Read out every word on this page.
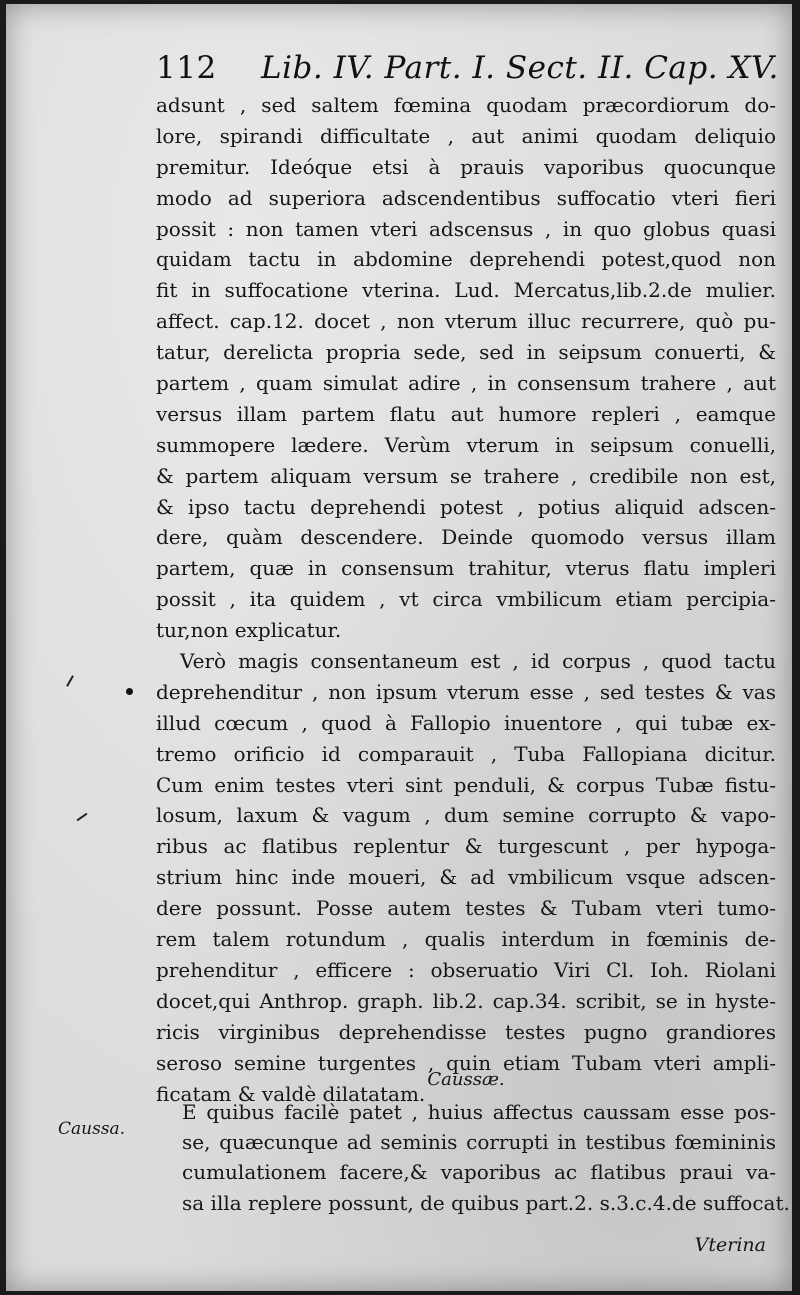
112 Lib. IV. Part. I. Sect. II. Cap. XV.
adsunt , sed saltem fœmina quodam præcordiorum do-
lore, spirandi difficultate , aut animi quodam deliquio
premitur. Ideóque etsi à prauis vaporibus quocunque
modo ad superiora adscendentibus suffocatio vteri fieri
possit : non tamen vteri adscensus , in quo globus quasi
quidam tactu in abdomine deprehendi potest,quod non
fit in suffocatione vterina. Lud. Mercatus,lib.2.de mulier.
affect. cap.12. docet , non vterum illuc recurrere, quò pu-
tatur, derelicta propria sede, sed in seipsum conuerti, &
partem , quam simulat adire , in consensum trahere , aut
versus illam partem flatu aut humore repleri , eamque
summopere lædere. Verùm vterum in seipsum conuelli,
& partem aliquam versum se trahere , credibile non est,
& ipso tactu deprehendi potest , potius aliquid adscen-
dere, quàm descendere. Deinde quomodo versus illam
partem, quæ in consensum trahitur, vterus flatu impleri
possit , ita quidem , vt circa vmbilicum etiam percipia-
tur,non explicatur.
Verò magis consentaneum est , id corpus , quod tactu
deprehenditur , non ipsum vterum esse , sed testes & vas
illud cœcum , quod à Fallopio inuentore , qui tubæ ex-
tremo orificio id comparauit , Tuba Fallopiana dicitur.
Cum enim testes vteri sint penduli, & corpus Tubæ fistu-
losum, laxum & vagum , dum semine corrupto & vapo-
ribus ac flatibus replentur & turgescunt , per hypoga-
strium hinc inde moueri, & ad vmbilicum vsque adscen-
dere possunt. Posse autem testes & Tubam vteri tumo-
rem talem rotundum , qualis interdum in fœminis de-
prehenditur , efficere : obseruatio Viri Cl. Ioh. Riolani
docet,qui Anthrop. graph. lib.2. cap.34. scribit, se in hyste-
ricis virginibus deprehendisse testes pugno grandiores
seroso semine turgentes , quin etiam Tubam vteri ampli-
ficatam & valdè dilatatam.
Caussæ.
Caussa.
E quibus facilè patet , huius affectus caussam esse pos-
se, quæcunque ad seminis corrupti in testibus fœmininis
cumulationem facere,& vaporibus ac flatibus praui va-
sa illa replere possunt, de quibus part.2. s.3.c.4.de suffocat.
Vterina
